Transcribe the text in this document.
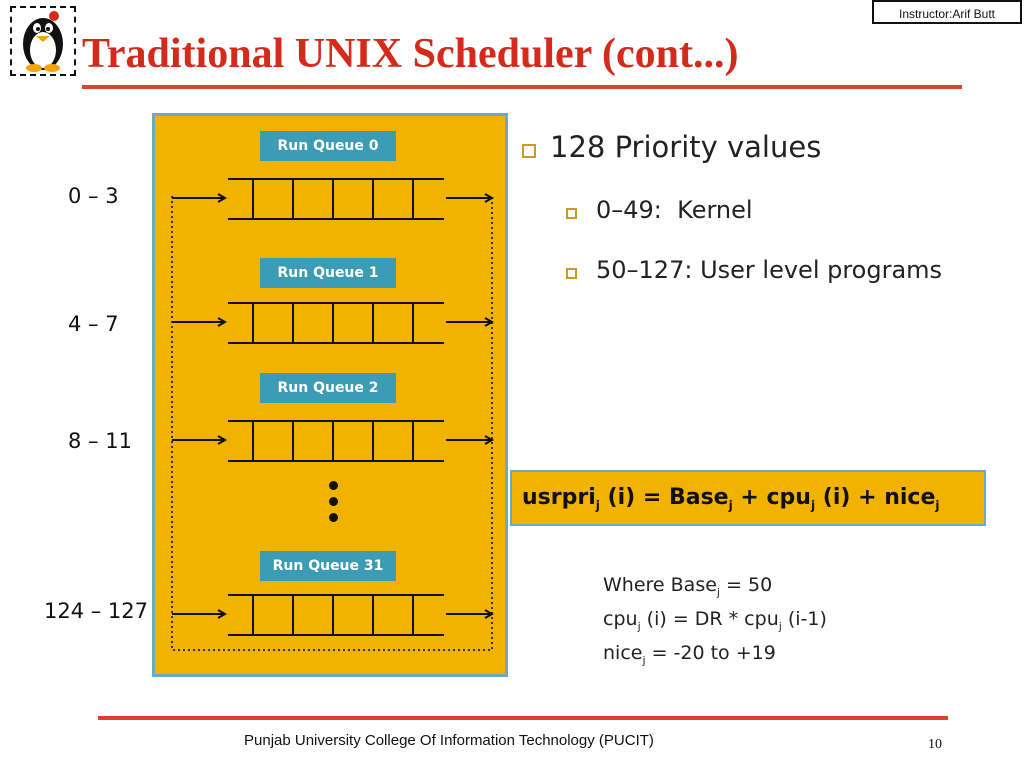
Instructor:Arif Butt
Traditional UNIX Scheduler (cont...)
Run Queue 0
0 – 3
Run Queue 1
4 – 7
Run Queue 2
8 – 11
Run Queue 31
124 – 127
128 Priority values
0–49: Kernel
50–127: User level programs
usrpri$_j$ (i) = Base$_j$ + cpu$_j$ (i) + nice$_j$
Where Base$_j$ = 50
cpu$_j$ (i) = DR * cpu$_j$ (i-1)
nice$_j$ = -20 to +19
Punjab University College Of Information Technology (PUCIT)	10
